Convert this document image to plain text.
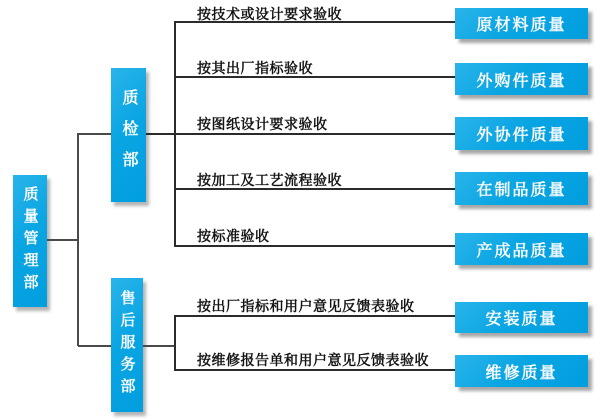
质量管理部
质检部
售后服务部
按技术或设计要求验收
按其出厂指标验收
按图纸设计要求验收
按加工及工艺流程验收
按标准验收
按出厂指标和用户意见反馈表验收
按维修报告单和用户意见反馈表验收
原材料质量
外购件质量
外协件质量
在制品质量
产成品质量
安装质量
维修质量
